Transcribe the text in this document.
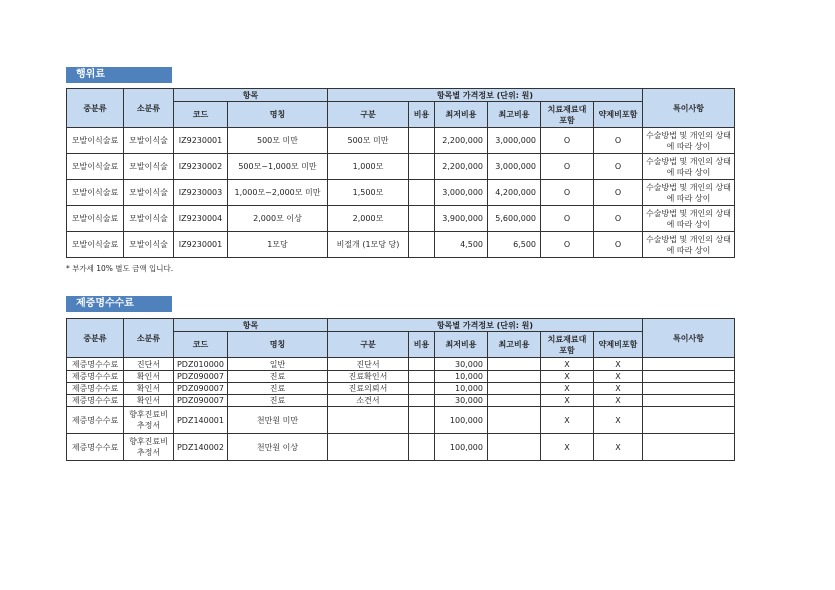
행위료
중분류	소분류	항목		항목별 가격정보 (단위: 원)						특이사항
		코드	명칭	구분	비용	최저비용	최고비용	치료재료대 포함	약제비포함	
모발이식술료	모발이식술	IZ9230001	500모 미만	500모 미만		2,200,000	3,000,000	O	O	수술방법 및 개인의 상태에 따라 상이
모발이식술료	모발이식술	IZ9230002	500모~1,000모 미만	1,000모		2,200,000	3,000,000	O	O	수술방법 및 개인의 상태에 따라 상이
모발이식술료	모발이식술	IZ9230003	1,000모~2,000모 미만	1,500모		3,000,000	4,200,000	O	O	수술방법 및 개인의 상태에 따라 상이
모발이식술료	모발이식술	IZ9230004	2,000모 이상	2,000모		3,900,000	5,600,000	O	O	수술방법 및 개인의 상태에 따라 상이
모발이식술료	모발이식술	IZ9230001	1모당	비절개 (1모당 당)		4,500	6,500	O	O	수술방법 및 개인의 상태에 따라 상이
* 부가세 10% 별도 금액 입니다.
제증명수수료
중분류	소분류	항목		항목별 가격정보 (단위: 원)						특이사항
		코드	명칭	구분	비용	최저비용	최고비용	치료재료대 포함	약제비포함	
제증명수수료	진단서	PDZ010000	일반	진단서		30,000		X	X	
제증명수수료	확인서	PDZ090007	진료	진료확인서		10,000		X	X	
제증명수수료	확인서	PDZ090007	진료	진료의뢰서		10,000		X	X	
제증명수수료	확인서	PDZ090007	진료	소견서		30,000		X	X	
제증명수수료	향후진료비 추정서	PDZ140001	천만원 미만			100,000		X	X	
제증명수수료	향후진료비 추정서	PDZ140002	천만원 이상			100,000		X	X	
